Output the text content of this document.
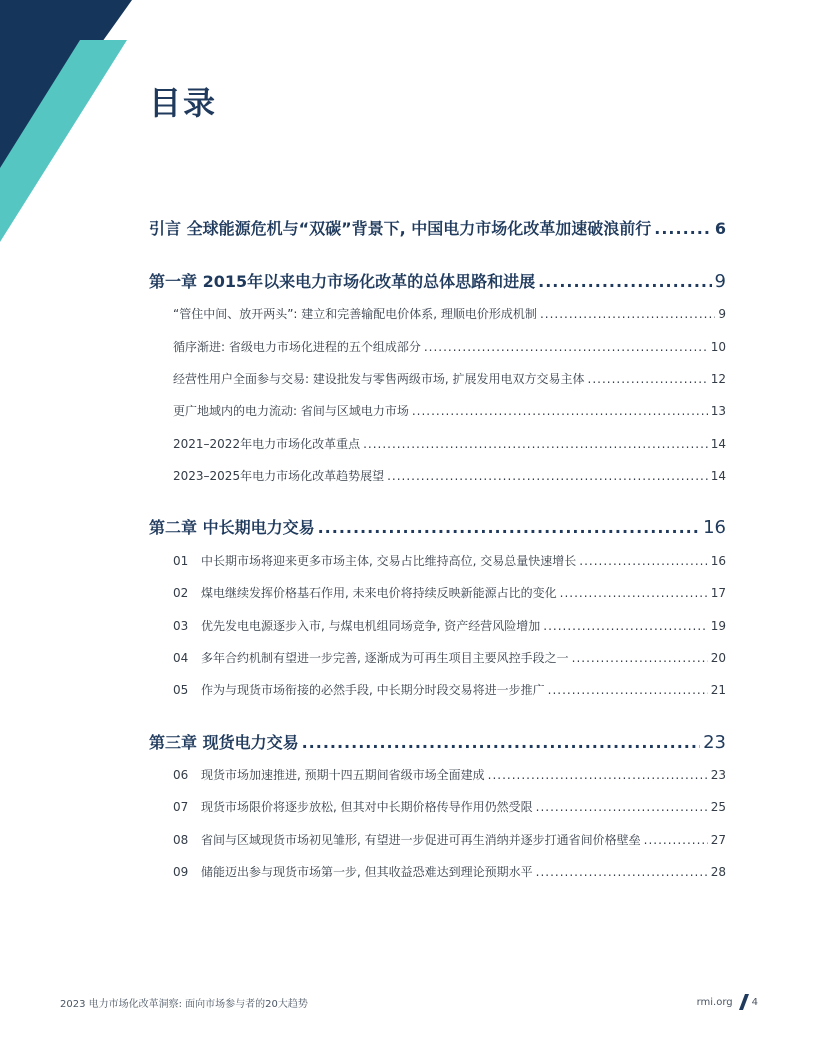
目录
引言 全球能源危机与“双碳”背景下, 中国电力市场化改革加速破浪前行 .....	6
第一章 2015年以来电力市场化改革的总体思路和进展 .....	9
“管住中间、放开两头”: 建立和完善输配电价体系, 理顺电价形成机制 .....	9
循序渐进: 省级电力市场化进程的五个组成部分 .....	10
经营性用户全面参与交易: 建设批发与零售两级市场, 扩展发用电双方交易主体 .....	12
更广地域内的电力流动: 省间与区域电力市场 .....	13
2021–2022年电力市场化改革重点 .....	14
2023–2025年电力市场化改革趋势展望 .....	14
第二章 中长期电力交易 .....	16
01 中长期市场将迎来更多市场主体, 交易占比维持高位, 交易总量快速增长 .....	16
02 煤电继续发挥价格基石作用, 未来电价将持续反映新能源占比的变化 .....	17
03 优先发电电源逐步入市, 与煤电机组同场竞争, 资产经营风险增加 .....	19
04 多年合约机制有望进一步完善, 逐渐成为可再生项目主要风控手段之一 .....	20
05 作为与现货市场衔接的必然手段, 中长期分时段交易将进一步推广 .....	21
第三章 现货电力交易 .....	23
06 现货市场加速推进, 预期十四五期间省级市场全面建成 .....	23
07 现货市场限价将逐步放松, 但其对中长期价格传导作用仍然受限 .....	25
08 省间与区域现货市场初见雏形, 有望进一步促进可再生消纳并逐步打通省间价格壁垒 .....	27
09 储能迈出参与现货市场第一步, 但其收益恐难达到理论预期水平 .....	28
2023 电力市场化改革洞察: 面向市场参与者的20大趋势	rmi.org 4
